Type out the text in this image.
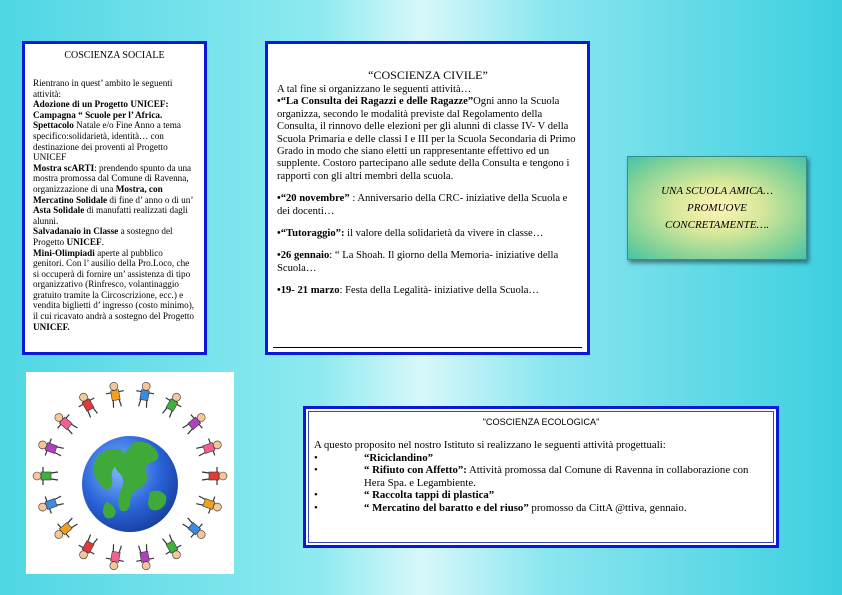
COSCIENZA SOCIALE

Rientrano in quest’ ambito le seguenti attività:

Adozione di un Progetto UNICEF: Campagna “ Scuole per l’ Africa. Spettacolo Natale e/o Fine Anno a tema specifico:solidarietà, identità… con destinazione dei proventi al Progetto UNICEF

Mostra scARTI: prendendo spunto da una mostra promossa dal Comune di Ravenna, organizzazione di una Mostra, con Mercatino Solidale di fine d’ anno o di un’ Asta Solidale di manufatti realizzati dagli alunni.

Salvadanaio in Classe a sostegno del Progetto UNICEF.

Mini-Olimpiadi aperte al pubblico genitori. Con l’ ausilio della Pro.Loco, che si occuperà di fornire un’ assistenza di tipo organizzativo (Rinfresco, volantinaggio gratuito tramite la Circoscrizione, ecc.) e vendita biglietti d’ ingresso (costo minimo), il cui ricavato andrà a sostegno del Progetto UNICEF.

“COSCIENZA CIVILE”

A tal fine si organizzano le seguenti attività…
•“La Consulta dei Ragazzi e delle Ragazze”Ogni anno la Scuola organizza, secondo le modalità previste dal Regolamento della Consulta, il rinnovo delle elezioni per gli alunni di classe IV- V della Scuola Primaria e delle classi I e III per la Scuola Secondaria di Primo Grado in modo che siano eletti un rappresentante effettivo ed un supplente. Costoro partecipano alle sedute della Consulta e tengono i rapporti con gli altri membri della scuola.

•“20 novembre” : Anniversario della CRC- iniziative della Scuola e dei docenti…

•“Tutoraggio”: il valore della solidarietà da vivere in classe…

•26 gennaio: “ La Shoah. Il giorno della Memoria- iniziative della Scuola…

•19- 21 marzo: Festa della Legalità- iniziative della Scuola…

UNA SCUOLA AMICA…
PROMUOVE
CONCRETAMENTE….
"COSCIENZA ECOLOGICA"
A questo proposito nel nostro Istituto si realizzano le seguenti attività progettuali:
•	“Riciclandino”
•	“ Rifiuto con Affetto”: Attività promossa dal Comune di Ravenna in collaborazione con Hera Spa. e Legambiente.
•	“ Raccolta tappi di plastica”
•	“ Mercatino del baratto e del riuso” promosso da CittA @ttiva, gennaio.
